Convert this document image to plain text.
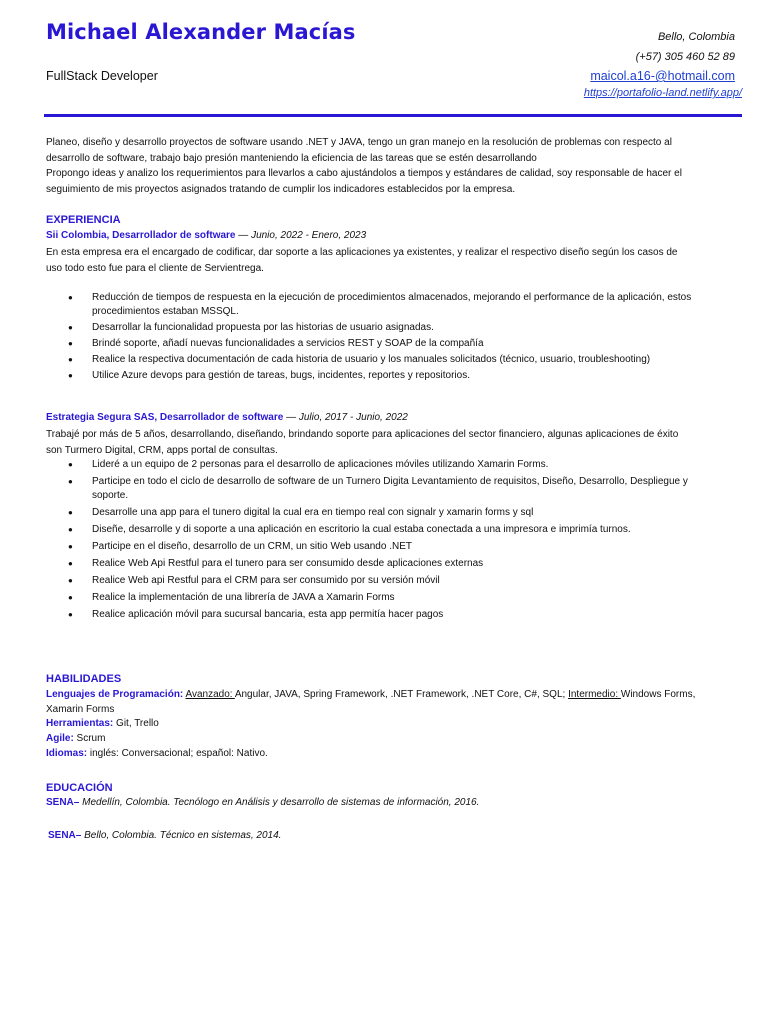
Michael Alexander Macías
FullStack Developer
Bello, Colombia
(+57) 305 460 52 89
maicol.a16-@hotmail.com
https://portafolio-land.netlify.app/
Planeo, diseño y desarrollo proyectos de software usando .NET y JAVA, tengo un gran manejo en la resolución de problemas con respecto al
desarrollo de software, trabajo bajo presión manteniendo la eficiencia de las tareas que se estén desarrollando
Propongo ideas y analizo los requerimientos para llevarlos a cabo ajustándolos a tiempos y estándares de calidad, soy responsable de hacer el
seguimiento de mis proyectos asignados tratando de cumplir los indicadores establecidos por la empresa.
EXPERIENCIA
Sii Colombia, Desarrollador de software — Junio, 2022 - Enero, 2023
En esta empresa era el encargado de codificar, dar soporte a las aplicaciones ya existentes, y realizar el respectivo diseño según los casos de
uso todo esto fue para el cliente de Servientrega.
● Reducción de tiempos de respuesta en la ejecución de procedimientos almacenados, mejorando el performance de la aplicación, estos procedimientos estaban MSSQL.
● Desarrollar la funcionalidad propuesta por las historias de usuario asignadas.
● Brindé soporte, añadí nuevas funcionalidades a servicios REST y SOAP de la compañía
● Realice la respectiva documentación de cada historia de usuario y los manuales solicitados (técnico, usuario, troubleshooting)
● Utilice Azure devops para gestión de tareas, bugs, incidentes, reportes y repositorios.
Estrategia Segura SAS, Desarrollador de software — Julio, 2017 - Junio, 2022
Trabajé por más de 5 años, desarrollando, diseñando, brindando soporte para aplicaciones del sector financiero, algunas aplicaciones de éxito
son Turmero Digital, CRM, apps portal de consultas.
● Lideré a un equipo de 2 personas para el desarrollo de aplicaciones móviles utilizando Xamarin Forms.
● Participe en todo el ciclo de desarrollo de software de un Turnero Digita Levantamiento de requisitos, Diseño, Desarrollo, Despliegue y soporte.
● Desarrolle una app para el tunero digital la cual era en tiempo real con signalr y xamarin forms y sql
● Diseñe, desarrolle y di soporte a una aplicación en escritorio la cual estaba conectada a una impresora e imprimía turnos.
● Participe en el diseño, desarrollo de un CRM, un sitio Web usando .NET
● Realice Web Api Restful para el tunero para ser consumido desde aplicaciones externas
● Realice Web api Restful para el CRM para ser consumido por su versión móvil
● Realice la implementación de una librería de JAVA a Xamarin Forms
● Realice aplicación móvil para sucursal bancaria, esta app permitía hacer pagos
HABILIDADES
Lenguajes de Programación: Avanzado: Angular, JAVA, Spring Framework, .NET Framework, .NET Core, C#, SQL; Intermedio: Windows Forms,
Xamarin Forms
Herramientas: Git, Trello
Agile: Scrum
Idiomas: inglés: Conversacional; español: Nativo.
EDUCACIÓN
SENA– Medellín, Colombia. Tecnólogo en Análisis y desarrollo de sistemas de información, 2016.
SENA– Bello, Colombia. Técnico en sistemas, 2014.
